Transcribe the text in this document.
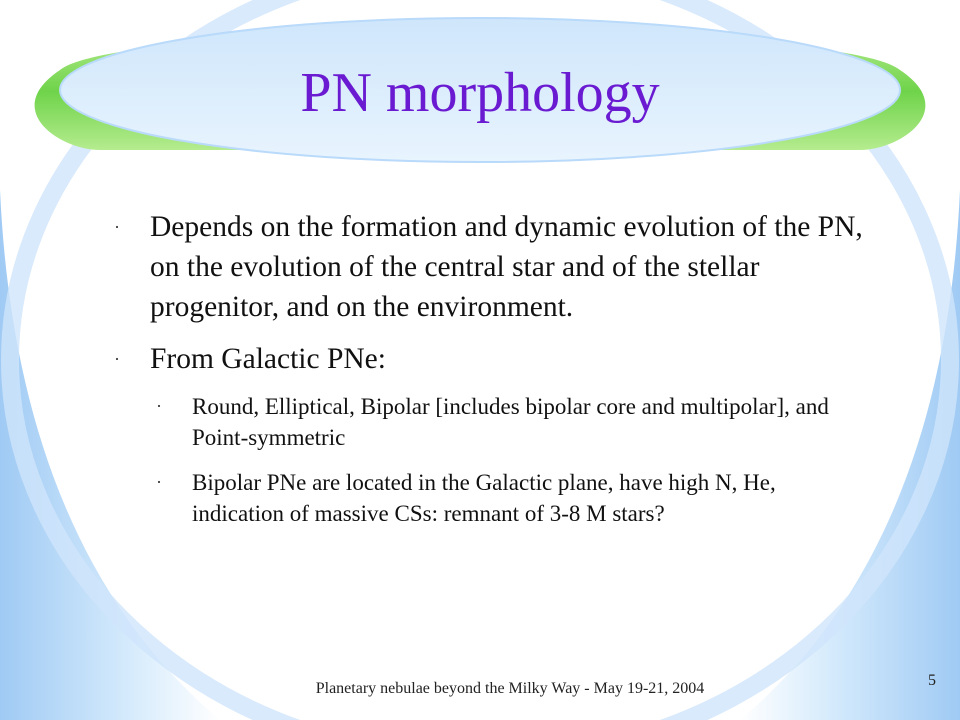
PN morphology
· Depends on the formation and dynamic evolution of the PN, on the evolution of the central star and of the stellar progenitor, and on the environment.
· From Galactic PNe:
· Round, Elliptical, Bipolar [includes bipolar core and multipolar], and Point-symmetric
· Bipolar PNe are located in the Galactic plane, have high N, He, indication of massive CSs: remnant of 3-8 M stars?
Planetary nebulae beyond the Milky Way - May 19-21, 2004	5
